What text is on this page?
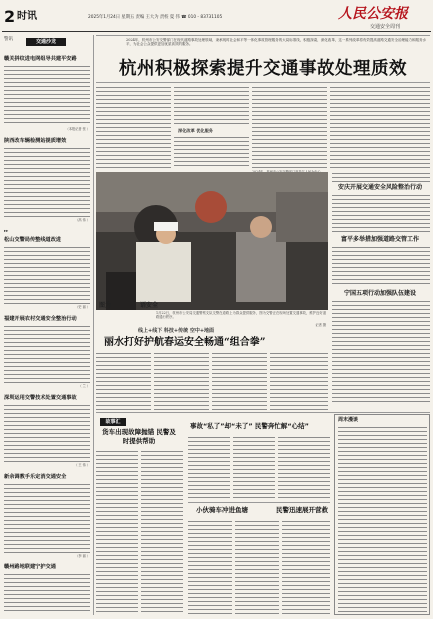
2 时讯	2025年1月24日 星期五 责编 王大为 责校 夏 伟 ☎ 010 - 83731105	人民公安报
交通安全周刊
警讯	交通沙龙
赣关拼纹进电网组导共建平安路
（本报记者 张 ）
陕西改车辆检测站提质增效
（高 伟 ）
▸▸
松山交警局传整线道改进
（史 丽 ）
福建开展农村交通安全整治行动
（ 兰 ）
深圳运用交警技术处置交通事故
（ 王 伟 ）
新余调教手乐定消交通安全
（李 丽 ）
赣州路地联建宁护交通
2024年，杭州市公安交警部门在现代道路事故处理领域，秉承现时社会和平等一体化事故管理服务的大局标准线，积极探索，深化改革，这一系列改革将有效提高道路交通安全治理能力和服务水平，为社会公众提供更加优质高效的服务。
杭州积极探索提升交通事故处理质效
深化改革 优化服务
图为	语安全
1月22日，杭州市公安局交通警察支队交警在道路上为群众提供服务，图为交警正在现场处置交通事故，维护良好道路通行秩序。
记者 摄
安庆开展交通安全风险整治行动
富平多举措加强道路交管工作
宁国五项行动加强队伍建设
线上+线下 科技+传统 空中+地面
丽水打好护航春运安全畅通“组合拳”
故事汇
货车出现故障抛锚 民警及时提供帮助
事故“私了”却“未了” 民警奔忙解“心结”
小伙骑车冲进鱼塘	民警迅速展开营救
周末漫谈
